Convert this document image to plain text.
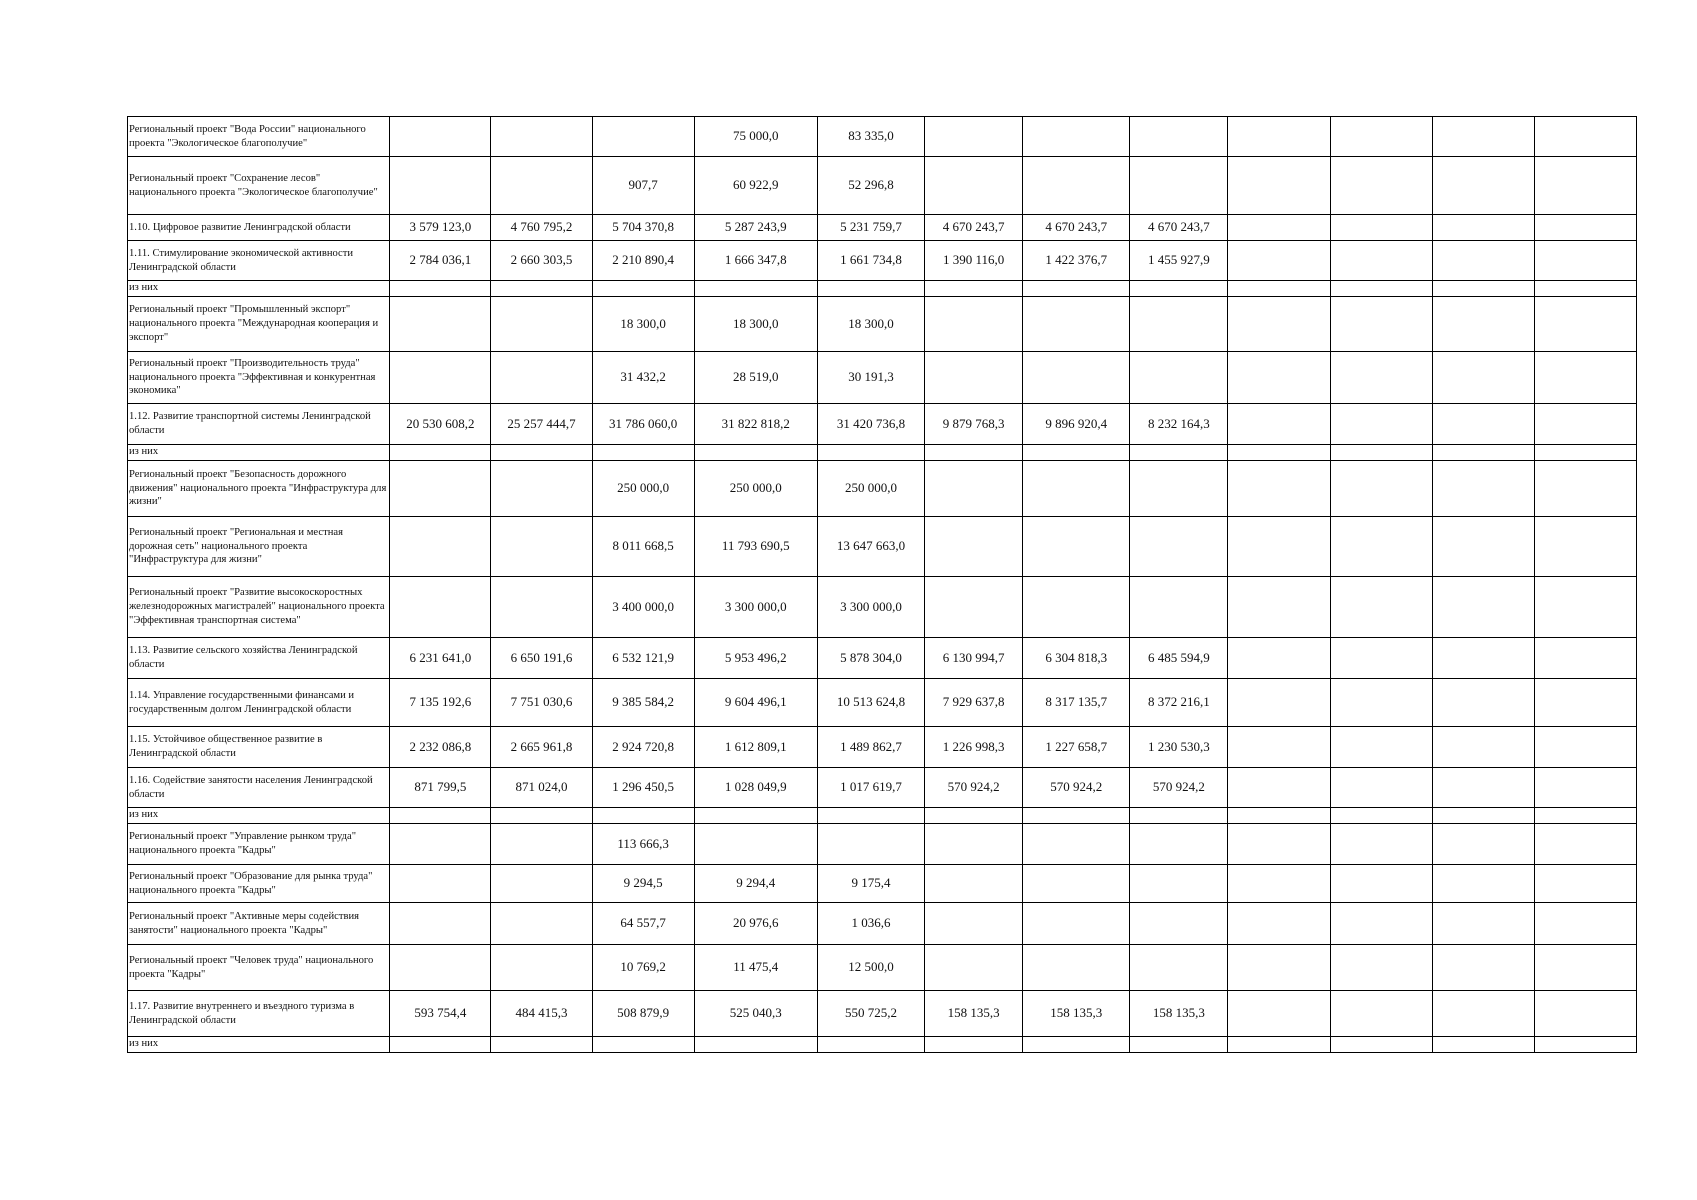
Региональный проект "Вода России" национального проекта "Экологическое благополучие"				75 000,0	83 335,0							
Региональный проект "Сохранение лесов" национального проекта "Экологическое благополучие"			907,7	60 922,9	52 296,8							
1.10. Цифровое развитие Ленинградской области	3 579 123,0	4 760 795,2	5 704 370,8	5 287 243,9	5 231 759,7	4 670 243,7	4 670 243,7	4 670 243,7				
1.11. Стимулирование экономической активности Ленинградской области	2 784 036,1	2 660 303,5	2 210 890,4	1 666 347,8	1 661 734,8	1 390 116,0	1 422 376,7	1 455 927,9				
из них												
Региональный проект "Промышленный экспорт" национального проекта "Международная кооперация и экспорт"			18 300,0	18 300,0	18 300,0							
Региональный проект "Производительность труда" национального проекта "Эффективная и конкурентная экономика"			31 432,2	28 519,0	30 191,3							
1.12. Развитие транспортной системы Ленинградской области	20 530 608,2	25 257 444,7	31 786 060,0	31 822 818,2	31 420 736,8	9 879 768,3	9 896 920,4	8 232 164,3				
из них												
Региональный проект "Безопасность дорожного движения" национального проекта "Инфраструктура для жизни"			250 000,0	250 000,0	250 000,0							
Региональный проект "Региональная и местная дорожная сеть" национального проекта "Инфраструктура для жизни"			8 011 668,5	11 793 690,5	13 647 663,0							
Региональный проект "Развитие высокоскоростных железнодорожных магистралей" национального проекта "Эффективная транспортная система"			3 400 000,0	3 300 000,0	3 300 000,0							
1.13. Развитие сельского хозяйства Ленинградской области	6 231 641,0	6 650 191,6	6 532 121,9	5 953 496,2	5 878 304,0	6 130 994,7	6 304 818,3	6 485 594,9				
1.14. Управление государственными финансами и государственным долгом Ленинградской области	7 135 192,6	7 751 030,6	9 385 584,2	9 604 496,1	10 513 624,8	7 929 637,8	8 317 135,7	8 372 216,1				
1.15. Устойчивое общественное развитие в Ленинградской области	2 232 086,8	2 665 961,8	2 924 720,8	1 612 809,1	1 489 862,7	1 226 998,3	1 227 658,7	1 230 530,3				
1.16. Содействие занятости населения Ленинградской области	871 799,5	871 024,0	1 296 450,5	1 028 049,9	1 017 619,7	570 924,2	570 924,2	570 924,2				
из них												
Региональный проект "Управление рынком труда" национального проекта "Кадры"			113 666,3									
Региональный проект "Образование для рынка труда" национального проекта "Кадры"			9 294,5	9 294,4	9 175,4							
Региональный проект "Активные меры содействия занятости" национального проекта "Кадры"			64 557,7	20 976,6	1 036,6							
Региональный проект "Человек труда" национального проекта "Кадры"			10 769,2	11 475,4	12 500,0							
1.17. Развитие внутреннего и въездного туризма в Ленинградской области	593 754,4	484 415,3	508 879,9	525 040,3	550 725,2	158 135,3	158 135,3	158 135,3				
из них												
